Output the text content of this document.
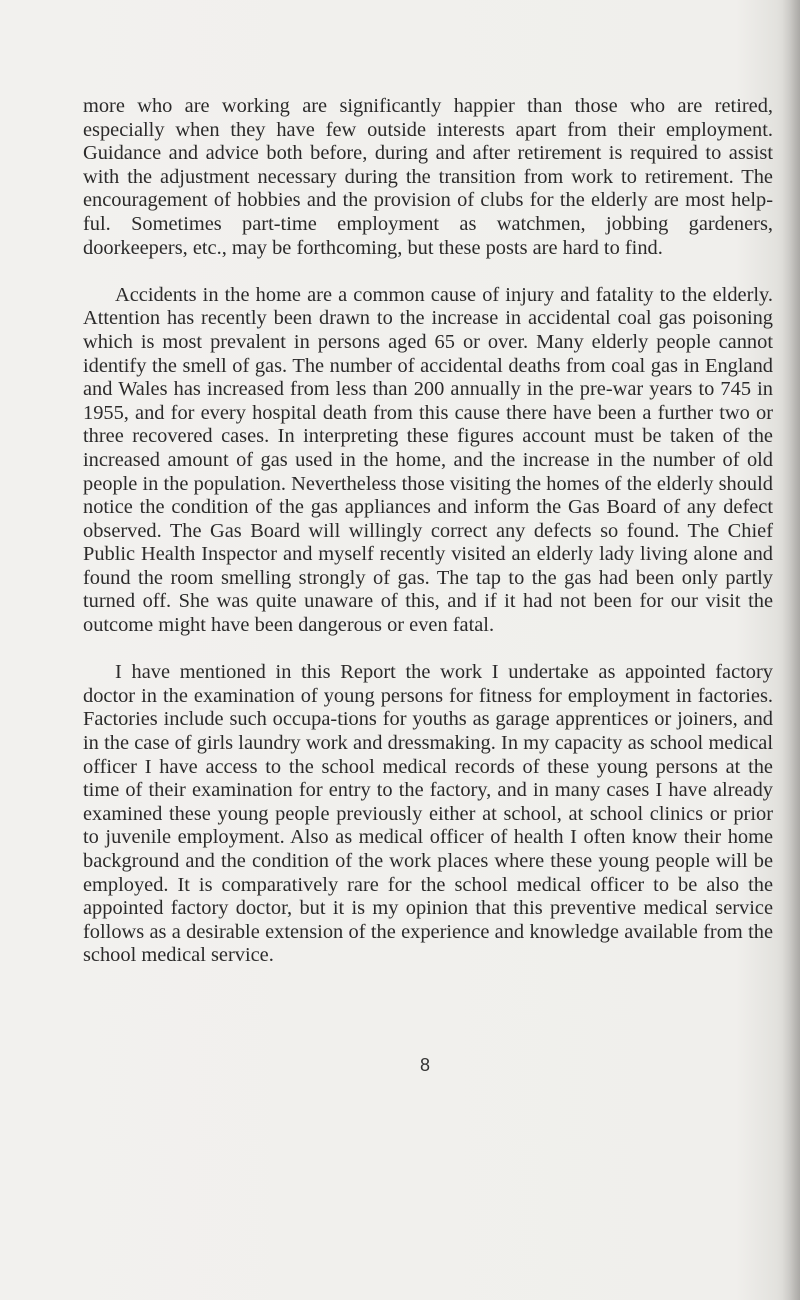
more who are working are significantly happier than those who are retired, especially when they have few outside interests apart from their employment. Guidance and advice both before, during and after retirement is required to assist with the adjustment necessary during the transition from work to retirement. The encouragement of hobbies and the provision of clubs for the elderly are most help-ful. Sometimes part-time employment as watchmen, jobbing gardeners, doorkeepers, etc., may be forthcoming, but these posts are hard to find.

Accidents in the home are a common cause of injury and fatality to the elderly. Attention has recently been drawn to the increase in accidental coal gas poisoning which is most prevalent in persons aged 65 or over. Many elderly people cannot identify the smell of gas. The number of accidental deaths from coal gas in England and Wales has increased from less than 200 annually in the pre-war years to 745 in 1955, and for every hospital death from this cause there have been a further two or three recovered cases. In interpreting these figures account must be taken of the increased amount of gas used in the home, and the increase in the number of old people in the population. Nevertheless those visiting the homes of the elderly should notice the condition of the gas appliances and inform the Gas Board of any defect observed. The Gas Board will willingly correct any defects so found. The Chief Public Health Inspector and myself recently visited an elderly lady living alone and found the room smelling strongly of gas. The tap to the gas had been only partly turned off. She was quite unaware of this, and if it had not been for our visit the outcome might have been dangerous or even fatal.

I have mentioned in this Report the work I undertake as appointed factory doctor in the examination of young persons for fitness for employment in factories. Factories include such occupa-tions for youths as garage apprentices or joiners, and in the case of girls laundry work and dressmaking. In my capacity as school medical officer I have access to the school medical records of these young persons at the time of their examination for entry to the factory, and in many cases I have already examined these young people previously either at school, at school clinics or prior to juvenile employment. Also as medical officer of health I often know their home background and the condition of the work places where these young people will be employed. It is comparatively rare for the school medical officer to be also the appointed factory doctor, but it is my opinion that this preventive medical service follows as a desirable extension of the experience and knowledge available from the school medical service.

8
